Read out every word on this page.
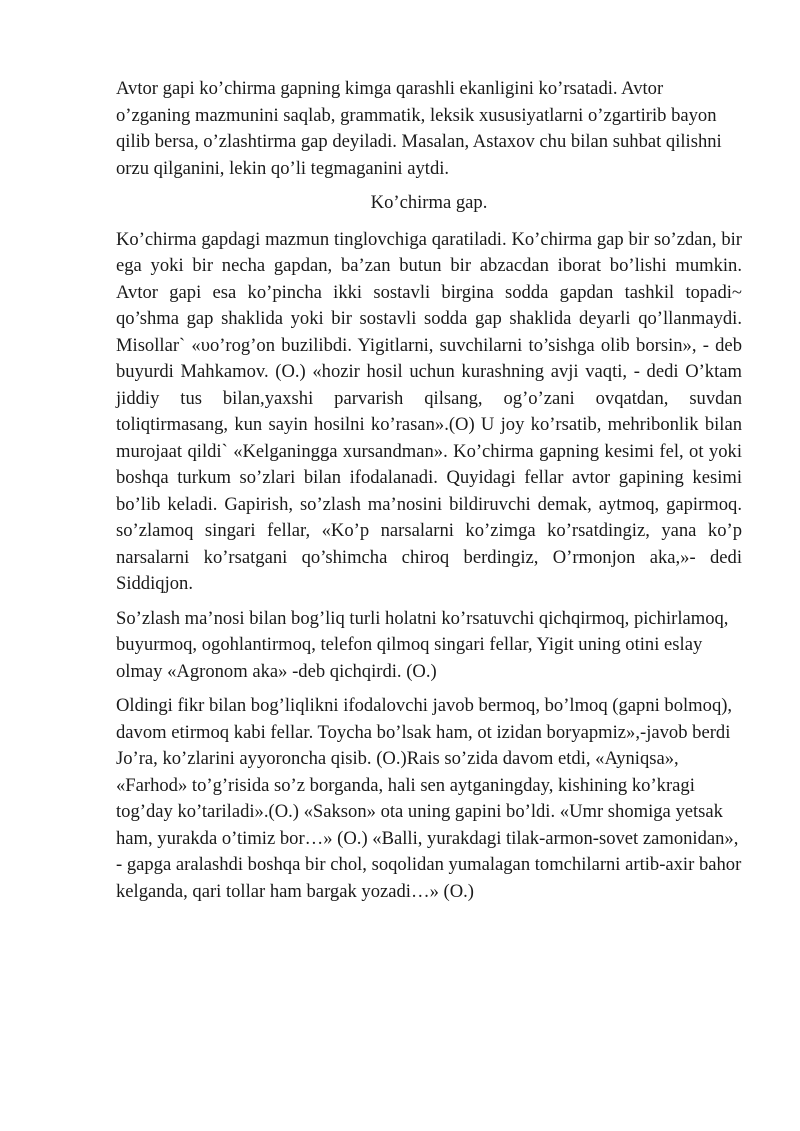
Avtor gapi ko’chirma gapning kimga qarashli ekanligini ko’rsatadi. Avtor o’zganing mazmunini saqlab, grammatik, leksik xususiyatlarni o’zgartirib bayon qilib bersa, o’zlashtirma gap deyiladi. Masalan, Astaxov chu bilan suhbat qilishni orzu qilganini, lekin qo’li tegmaganini aytdi.

Ko’chirma gap.

Ko’chirma gapdagi mazmun tinglovchiga qaratiladi. Ko’chirma gap bir so’zdan, bir ega yoki bir necha gapdan, ba’zan butun bir abzacdan iborat bo’lishi mumkin. Avtor gapi esa ko’pincha ikki sostavli birgina sodda gapdan tashkil topadi~ qo’shma gap shaklida yoki bir sostavli sodda gap shaklida deyarli qo’llanmaydi. Misollar` «υο’rog’on buzilibdi. Yigitlarni, suvchilarni to’sishga olib borsin», - deb buyurdi Mahkamov. (O.) «hozir hosil uchun kurashning avji vaqti, - dedi O’ktam jiddiy tus bilan,yaxshi parvarish qilsang, og’o’zani ovqatdan, suvdan toliqtirmasang, kun sayin hosilni ko’rasan».(O) U joy ko’rsatib, mehribonlik bilan murojaat qildi` «Kelganingga xursandman». Ko’chirma gapning kesimi fel, ot yoki boshqa turkum so’zlari bilan ifodalanadi. Quyidagi fellar avtor gapining kesimi bo’lib keladi. Gapirish, so’zlash ma’nosini bildiruvchi demak, aytmoq, gapirmoq. so’zlamoq singari fellar, «Ko’p narsalarni ko’zimga ko’rsatdingiz, yana ko’p narsalarni ko’rsatgani qo’shimcha chiroq berdingiz, O’rmonjon aka,»- dedi Siddiqjon.

So’zlash ma’nosi bilan bog’liq turli holatni ko’rsatuvchi qichqirmoq, pichirlamoq, buyurmoq, ogohlantirmoq, telefon qilmoq singari fellar, Yigit uning otini eslay olmay «Agronom aka» -deb qichqirdi. (O.)

Oldingi fikr bilan bog’liqlikni ifodalovchi javob bermoq, bo’lmoq (gapni bolmoq), davom etirmoq kabi fellar. Toycha bo’lsak ham, ot izidan boryapmiz»,-javob berdi Jo’ra, ko’zlarini ayyoroncha qisib. (O.)Rais so’zida davom etdi, «Ayniqsa», «Farhod» to’g’risida so’z borganda, hali sen aytganingday, kishining ko’kragi tog’day ko’tariladi».(O.) «Sakson» ota uning gapini bo’ldi. «Umr shomiga yetsak ham, yurakda o’timiz bor…» (O.) «Balli, yurakdagi tilak-armon-sovet zamonidan», - gapga aralashdi boshqa bir chol, soqolidan yumalagan tomchilarni artib-axir bahor kelganda, qari tollar ham bargak yozadi…» (O.)
